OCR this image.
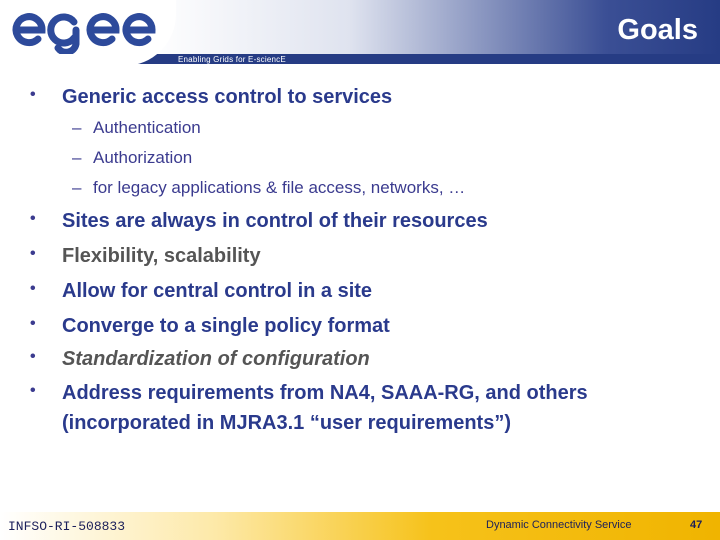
Enabling Grids for E-sciencE
Goals
• Generic access control to services
– Authentication
– Authorization
– for legacy applications & file access, networks, …
• Sites are always in control of their resources
• Flexibility, scalability
• Allow for central control in a site
• Converge to a single policy format
• Standardization of configuration
• Address requirements from NA4, SAAA-RG, and others
(incorporated in MJRA3.1 “user requirements”)
INFSO-RI-508833	Dynamic Connectivity Service	47
